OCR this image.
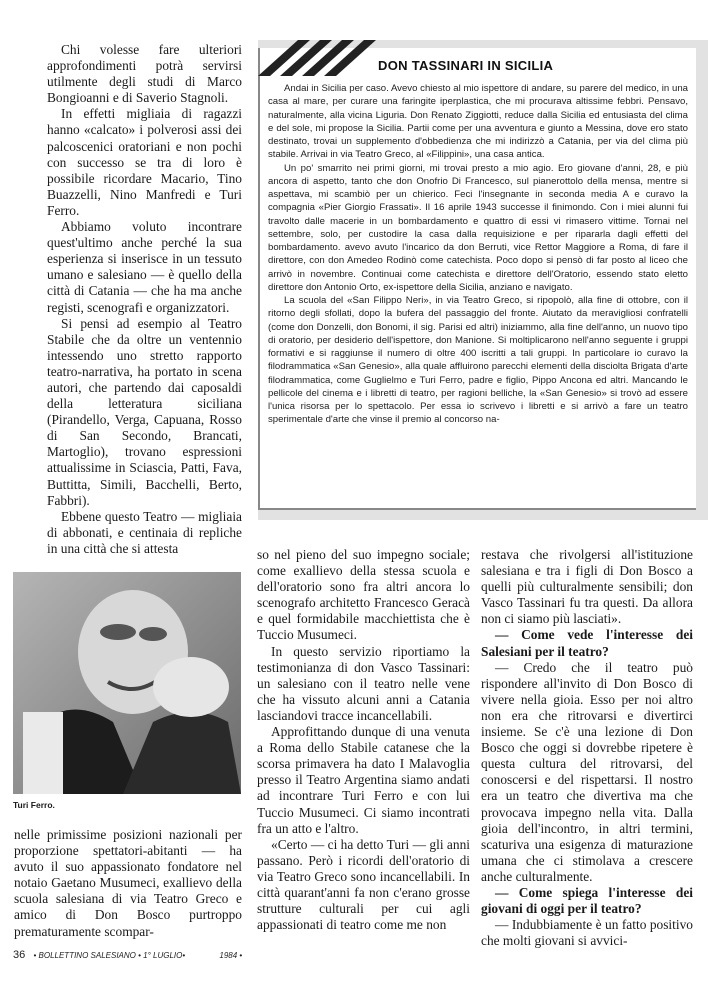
Chi volesse fare ulteriori approfondimenti potrà servirsi utilmente degli studi di Marco Bongioanni e di Saverio Stagnoli.

In effetti migliaia di ragazzi hanno «calcato» i polverosi assi dei palcoscenici oratoriani e non pochi con successo se tra di loro è possibile ricordare Macario, Tino Buazzelli, Nino Manfredi e Turi Ferro.

Abbiamo voluto incontrare quest'ultimo anche perché la sua esperienza si inserisce in un tessuto umano e salesiano — è quello della città di Catania — che ha ma anche registi, scenografi e organizzatori.

Si pensi ad esempio al Teatro Stabile che da oltre un ventennio intessendo uno stretto rapporto teatro-narrativa, ha portato in scena autori, che partendo dai caposaldi della letteratura siciliana (Pirandello, Verga, Capuana, Rosso di San Secondo, Brancati, Martoglio), trovano espressioni attualissime in Sciascia, Patti, Fava, Buttitta, Simili, Bacchelli, Berto, Fabbri).

Ebbene questo Teatro — migliaia di abbonati, e centinaia di repliche in una città che si attesta

DON TASSINARI IN SICILIA

Andai in Sicilia per caso. Avevo chiesto al mio ispettore di andare, su parere del medico, in una casa al mare, per curare una faringite iperplastica, che mi procurava altissime febbri. Pensavo, naturalmente, alla vicina Liguria. Don Renato Ziggiotti, reduce dalla Sicilia ed entusiasta del clima e del sole, mi propose la Sicilia. Partii come per una avventura e giunto a Messina, dove ero stato destinato, trovai un supplemento d'obbedienza che mi indirizzò a Catania, per via del clima più stabile. Arrivai in via Teatro Greco, al «Filippini», una casa antica.

Un po' smarrito nei primi giorni, mi trovai presto a mio agio. Ero giovane d'anni, 28, e più ancora di aspetto, tanto che don Onofrio Di Francesco, sul pianerottolo della mensa, mentre si aspettava, mi scambiò per un chierico. Feci l'insegnante in seconda media A e curavo la compagnia «Pier Giorgio Frassati». Il 16 aprile 1943 successe il finimondo. Con i miei alunni fui travolto dalle macerie in un bombardamento e quattro di essi vi rimasero vittime. Tornai nel settembre, solo, per custodire la casa dalla requisizione e per ripararla dagli effetti del bombardamento. avevo avuto l'incarico da don Berruti, vice Rettor Maggiore a Roma, di fare il direttore, con don Amedeo Rodinò come catechista. Poco dopo si pensò di far posto al liceo che arrivò in novembre. Continuai come catechista e direttore dell'Oratorio, essendo stato eletto direttore don Antonio Orto, ex-ispettore della Sicilia, anziano e navigato.

La scuola del «San Filippo Neri», in via Teatro Greco, si ripopolò, alla fine di ottobre, con il ritorno degli sfollati, dopo la bufera del passaggio del fronte. Aiutato da meravigliosi confratelli (come don Donzelli, don Bonomi, il sig. Parisi ed altri) iniziammo, alla fine dell'anno, un nuovo tipo di oratorio, per desiderio dell'ispettore, don Manione. Si moltiplicarono nell'anno seguente i gruppi formativi e si raggiunse il numero di oltre 400 iscritti a tali gruppi. In particolare io curavo la filodrammatica «San Genesio», alla quale affluirono parecchi elementi della disciolta Brigata d'arte filodrammatica, come Guglielmo e Turi Ferro, padre e figlio, Pippo Ancona ed altri. Mancando le pellicole del cinema e i libretti di teatro, per ragioni belliche, la «San Genesio» si trovò ad essere l'unica risorsa per lo spettacolo. Per essa io scrivevo i libretti e si arrivò a fare un teatro sperimentale d'arte che vinse il premio al concorso na-

Turi Ferro.

nelle primissime posizioni nazionali per proporzione spettatori-abitanti — ha avuto il suo appassionato fondatore nel notaio Gaetano Musumeci, exallievo della scuola salesiana di via Teatro Greco e amico di Don Bosco purtroppo prematuramente scompar-

so nel pieno del suo impegno sociale; come exallievo della stessa scuola e dell'oratorio sono fra altri ancora lo scenografo architetto Francesco Geracà e quel formidabile macchiettista che è Tuccio Musumeci.

In questo servizio riportiamo la testimonianza di don Vasco Tassinari: un salesiano con il teatro nelle vene che ha vissuto alcuni anni a Catania lasciandovi tracce incancellabili.

Approfittando dunque di una venuta a Roma dello Stabile catanese che la scorsa primavera ha dato I Malavoglia presso il Teatro Argentina siamo andati ad incontrare Turi Ferro e con lui Tuccio Musumeci. Ci siamo incontrati fra un atto e l'altro.

«Certo — ci ha detto Turi — gli anni passano. Però i ricordi dell'oratorio di via Teatro Greco sono incancellabili. In città quarant'anni fa non c'erano grosse strutture culturali per cui agli appassionati di teatro come me non

restava che rivolgersi all'istituzione salesiana e tra i figli di Don Bosco a quelli più culturalmente sensibili; don Vasco Tassinari fu tra questi. Da allora non ci siamo più lasciati».

— Come vede l'interesse dei Salesiani per il teatro?

— Credo che il teatro può rispondere all'invito di Don Bosco di vivere nella gioia. Esso per noi altro non era che ritrovarsi e divertirci insieme. Se c'è una lezione di Don Bosco che oggi si dovrebbe ripetere è questa cultura del ritrovarsi, del conoscersi e del rispettarsi. Il nostro era un teatro che divertiva ma che provocava impegno nella vita. Dalla gioia dell'incontro, in altri termini, scaturiva una esigenza di maturazione umana che ci stimolava a crescere anche culturalmente.

— Come spiega l'interesse dei giovani di oggi per il teatro?

— Indubbiamente è un fatto positivo che molti giovani si avvici-

36 • BOLLETTINO SALESIANO • 1° LUGLIO•	1984 •
